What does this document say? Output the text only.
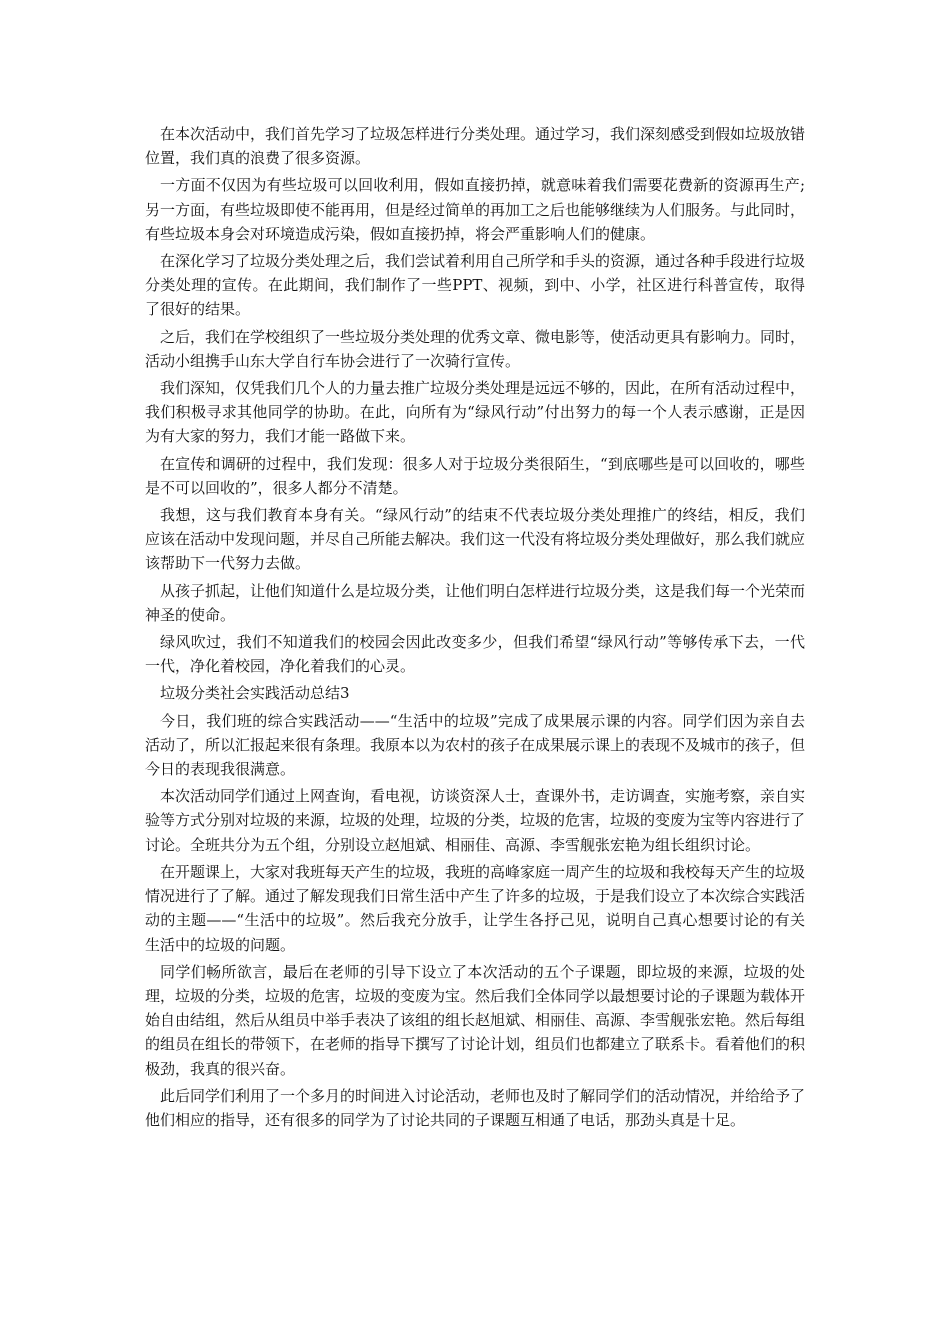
在本次活动中，我们首先学习了垃圾怎样进行分类处理。通过学习，我们深刻感受到假如垃圾放错位置，我们真的浪费了很多资源。

一方面不仅因为有些垃圾可以回收利用，假如直接扔掉，就意味着我们需要花费新的资源再生产;另一方面，有些垃圾即使不能再用，但是经过简单的再加工之后也能够继续为人们服务。与此同时，有些垃圾本身会对环境造成污染，假如直接扔掉，将会严重影响人们的健康。

在深化学习了垃圾分类处理之后，我们尝试着利用自己所学和手头的资源，通过各种手段进行垃圾分类处理的宣传。在此期间，我们制作了一些PPT、视频，到中、小学，社区进行科普宣传，取得了很好的结果。

之后，我们在学校组织了一些垃圾分类处理的优秀文章、微电影等，使活动更具有影响力。同时，活动小组携手山东大学自行车协会进行了一次骑行宣传。

我们深知，仅凭我们几个人的力量去推广垃圾分类处理是远远不够的，因此，在所有活动过程中，我们积极寻求其他同学的协助。在此，向所有为“绿风行动”付出努力的每一个人表示感谢，正是因为有大家的努力，我们才能一路做下来。

在宣传和调研的过程中，我们发现：很多人对于垃圾分类很陌生，“到底哪些是可以回收的，哪些是不可以回收的”，很多人都分不清楚。

我想，这与我们教育本身有关。“绿风行动”的结束不代表垃圾分类处理推广的终结，相反，我们应该在活动中发现问题，并尽自己所能去解决。我们这一代没有将垃圾分类处理做好，那么我们就应该帮助下一代努力去做。

从孩子抓起，让他们知道什么是垃圾分类，让他们明白怎样进行垃圾分类，这是我们每一个光荣而神圣的使命。

绿风吹过，我们不知道我们的校园会因此改变多少，但我们希望“绿风行动”等够传承下去，一代一代，净化着校园，净化着我们的心灵。

垃圾分类社会实践活动总结3

今日，我们班的综合实践活动——“生活中的垃圾”完成了成果展示课的内容。同学们因为亲自去活动了，所以汇报起来很有条理。我原本以为农村的孩子在成果展示课上的表现不及城市的孩子，但今日的表现我很满意。

本次活动同学们通过上网查询，看电视，访谈资深人士，查课外书，走访调查，实施考察，亲自实验等方式分别对垃圾的来源，垃圾的处理，垃圾的分类，垃圾的危害，垃圾的变废为宝等内容进行了讨论。全班共分为五个组，分别设立赵旭斌、相丽佳、高源、李雪舰张宏艳为组长组织讨论。

在开题课上，大家对我班每天产生的垃圾，我班的高峰家庭一周产生的垃圾和我校每天产生的垃圾情况进行了了解。通过了解发现我们日常生活中产生了许多的垃圾，于是我们设立了本次综合实践活动的主题——“生活中的垃圾”。然后我充分放手，让学生各抒己见，说明自己真心想要讨论的有关生活中的垃圾的问题。

同学们畅所欲言，最后在老师的引导下设立了本次活动的五个子课题，即垃圾的来源，垃圾的处理，垃圾的分类，垃圾的危害，垃圾的变废为宝。然后我们全体同学以最想要讨论的子课题为载体开始自由结组，然后从组员中举手表决了该组的组长赵旭斌、相丽佳、高源、李雪舰张宏艳。然后每组的组员在组长的带领下，在老师的指导下撰写了讨论计划，组员们也都建立了联系卡。看着他们的积极劲，我真的很兴奋。

此后同学们利用了一个多月的时间进入讨论活动，老师也及时了解同学们的活动情况，并给给予了他们相应的指导，还有很多的同学为了讨论共同的子课题互相通了电话，那劲头真是十足。
